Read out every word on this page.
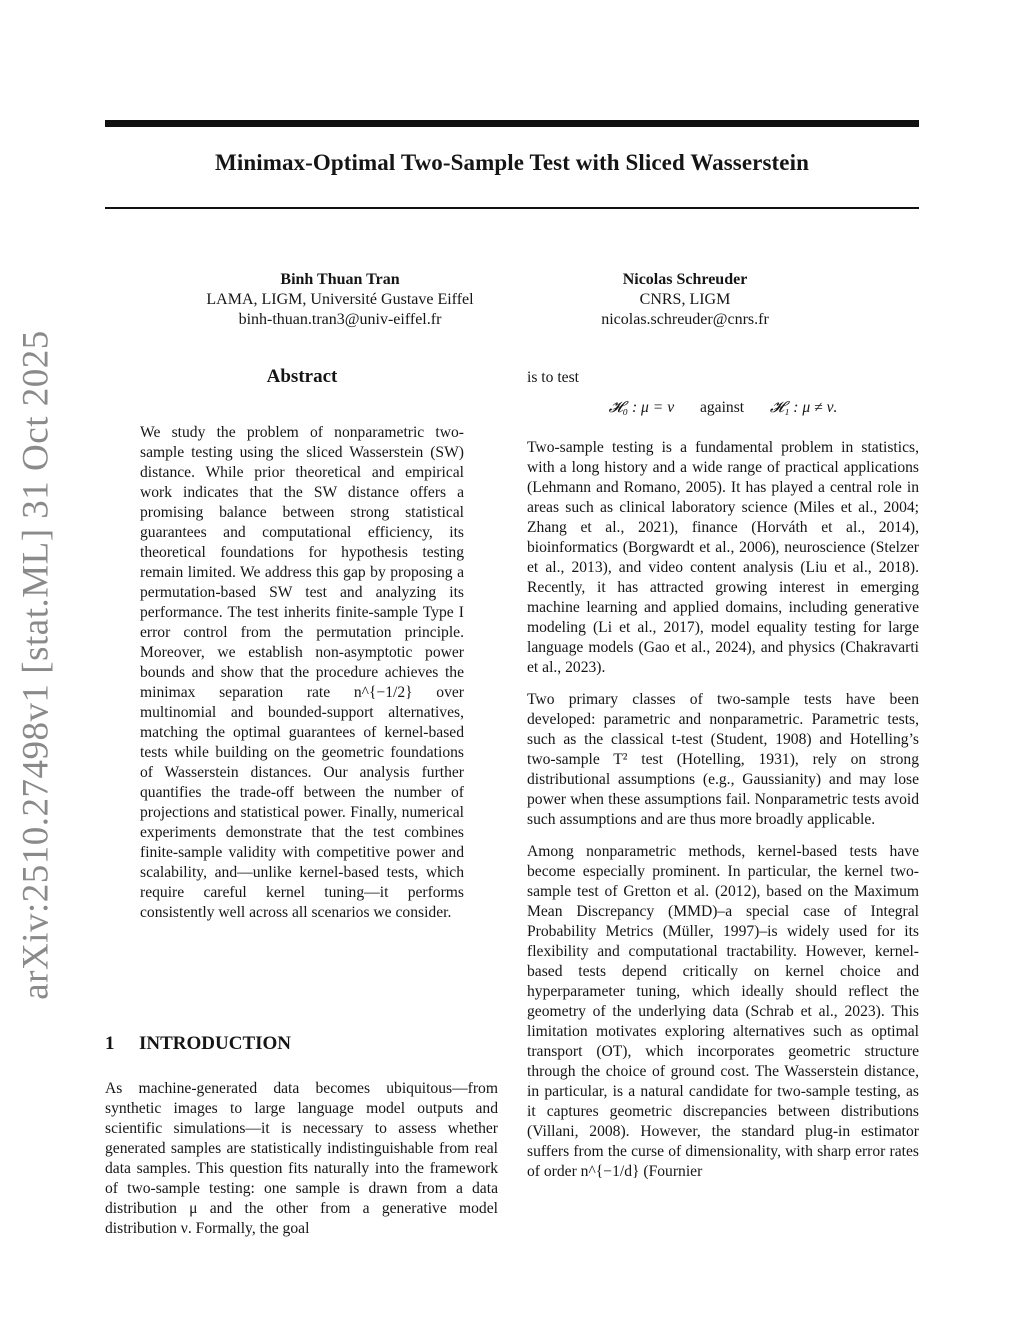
Minimax-Optimal Two-Sample Test with Sliced Wasserstein
Binh Thuan Tran
LAMA, LIGM, Université Gustave Eiffel
binh-thuan.tran3@univ-eiffel.fr
Nicolas Schreuder
CNRS, LIGM
nicolas.schreuder@cnrs.fr
arXiv:2510.27498v1 [stat.ML] 31 Oct 2025	Abstract
We study the problem of nonparametric two-sample testing using the sliced Wasserstein (SW) distance. While prior theoretical and empirical work indicates that the SW distance offers a promising balance between strong statistical guarantees and computational efficiency, its theoretical foundations for hypothesis testing remain limited. We address this gap by proposing a permutation-based SW test and analyzing its performance. The test inherits finite-sample Type I error control from the permutation principle. Moreover, we establish non-asymptotic power bounds and show that the procedure achieves the minimax separation rate n^{−1/2} over multinomial and bounded-support alternatives, matching the optimal guarantees of kernel-based tests while building on the geometric foundations of Wasserstein distances. Our analysis further quantifies the trade-off between the number of projections and statistical power. Finally, numerical experiments demonstrate that the test combines finite-sample validity with competitive power and scalability, and—unlike kernel-based tests, which require careful kernel tuning—it performs consistently well across all scenarios we consider.
1 INTRODUCTION
As machine-generated data becomes ubiquitous—from synthetic images to large language model outputs and scientific simulations—it is necessary to assess whether generated samples are statistically indistinguishable from real data samples. This question fits naturally into the framework of two-sample testing: one sample is drawn from a data distribution μ and the other from a generative model distribution ν. Formally, the goal
is to test
𝓗₀ : μ = ν against 𝓗₁ : μ ≠ ν.

Two-sample testing is a fundamental problem in statistics, with a long history and a wide range of practical applications (Lehmann and Romano, 2005). It has played a central role in areas such as clinical laboratory science (Miles et al., 2004; Zhang et al., 2021), finance (Horváth et al., 2014), bioinformatics (Borgwardt et al., 2006), neuroscience (Stelzer et al., 2013), and video content analysis (Liu et al., 2018). Recently, it has attracted growing interest in emerging machine learning and applied domains, including generative modeling (Li et al., 2017), model equality testing for large language models (Gao et al., 2024), and physics (Chakravarti et al., 2023).

Two primary classes of two-sample tests have been developed: parametric and nonparametric. Parametric tests, such as the classical t-test (Student, 1908) and Hotelling’s two-sample T² test (Hotelling, 1931), rely on strong distributional assumptions (e.g., Gaussianity) and may lose power when these assumptions fail. Nonparametric tests avoid such assumptions and are thus more broadly applicable.

Among nonparametric methods, kernel-based tests have become especially prominent. In particular, the kernel two-sample test of Gretton et al. (2012), based on the Maximum Mean Discrepancy (MMD)–a special case of Integral Probability Metrics (Müller, 1997)–is widely used for its flexibility and computational tractability. However, kernel-based tests depend critically on kernel choice and hyperparameter tuning, which ideally should reflect the geometry of the underlying data (Schrab et al., 2023). This limitation motivates exploring alternatives such as optimal transport (OT), which incorporates geometric structure through the choice of ground cost. The Wasserstein distance, in particular, is a natural candidate for two-sample testing, as it captures geometric discrepancies between distributions (Villani, 2008). However, the standard plug-in estimator suffers from the curse of dimensionality, with sharp error rates of order n^{−1/d} (Fournier
